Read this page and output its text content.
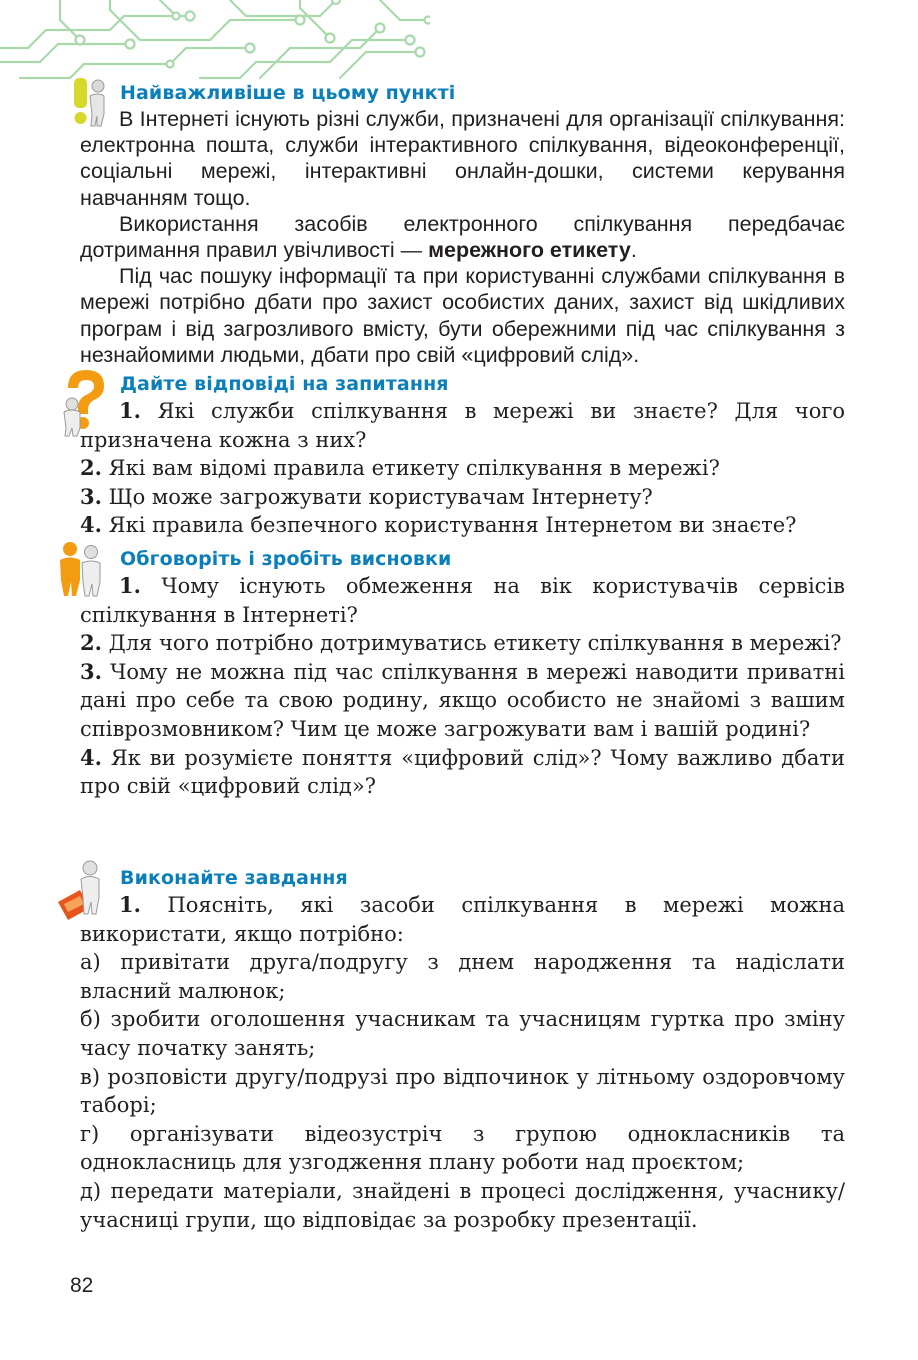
Найважливіше в цьому пункті

В Інтернеті існують різні служби, призначені для організації спілкування: електронна пошта, служби інтерактивного спілкування, відеоконференції, соціальні мережі, інтерактивні онлайн-дошки, системи керування навчанням тощо.

Використання засобів електронного спілкування передбачає дотримання правил увічливості — мережного етикету.

Під час пошуку інформації та при користуванні службами спілкування в мережі потрібно дбати про захист особистих даних, захист від шкідливих програм і від загрозливого вмісту, бути обережними під час спілкування з незнайомими людьми, дбати про свій «цифровий слід».

Дайте відповіді на запитання

1. Які служби спілкування в мережі ви знаєте? Для чого призначена кожна з них?

2. Які вам відомі правила етикету спілкування в мережі?

3. Що може загрожувати користувачам Інтернету?

4. Які правила безпечного користування Інтернетом ви знаєте?

Обговоріть і зробіть висновки

1. Чому існують обмеження на вік користувачів сервісів спілкування в Інтернеті?

2. Для чого потрібно дотримуватись етикету спілкування в мережі?

3. Чому не можна під час спілкування в мережі наводити приватні дані про себе та свою родину, якщо особисто не знайомі з вашим співрозмовником? Чим це може загрожувати вам і вашій родині?

4. Як ви розумієте поняття «цифровий слід»? Чому важливо дбати про свій «цифровий слід»?

Виконайте завдання

1. Поясніть, які засоби спілкування в мережі можна використати, якщо потрібно:

а) привітати друга/подругу з днем народження та надіслати власний малюнок;

б) зробити оголошення учасникам та учасницям гуртка про зміну часу початку занять;

в) розповісти другу/подрузі про відпочинок у літньому оздоровчому таборі;

г) організувати відеозустріч з групою однокласників та однокласниць для узгодження плану роботи над проєктом;

д) передати матеріали, знайдені в процесі дослідження, учаснику/учасниці групи, що відповідає за розробку презентації.

82
